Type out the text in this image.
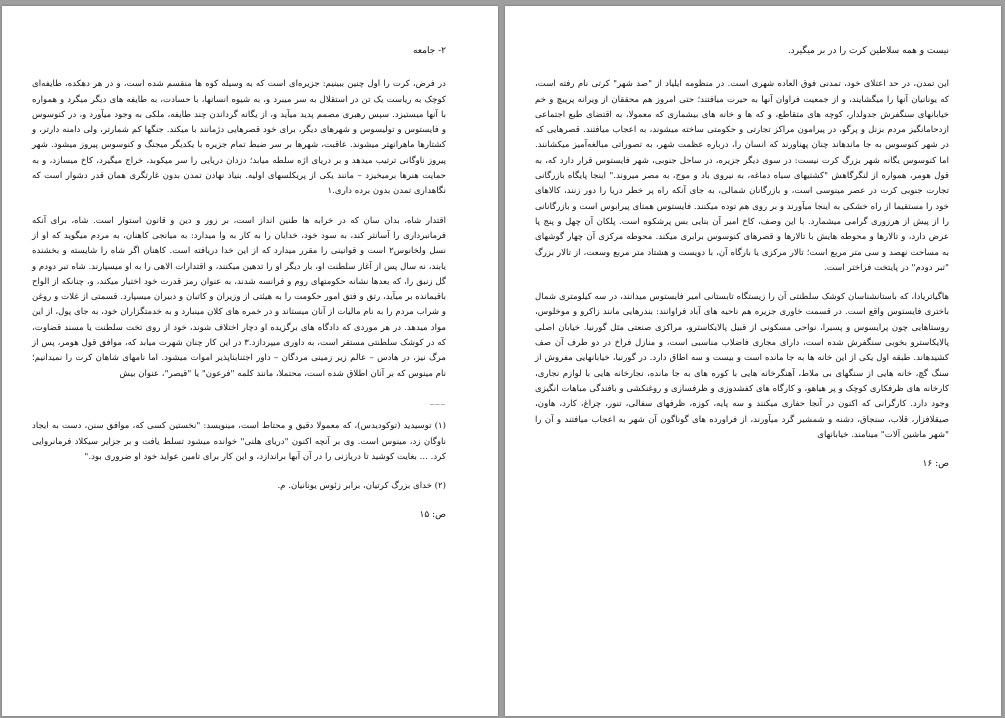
۲- جامعه

در فرض، کرت را اول چنین ببینیم: جزیره‌ای است که به وسیله کوه ها منقسم شده است، و در هر دهکده، طایفه‌ای کوچک به ریاست یک تن در استقلال به سر میبرد و، به شیوه انسانها، با حسادت، به طایفه های دیگر میگرد و همواره با آنها میستیزد. سپس رهبری مصمم پدید میآید و، از یگانه گرداندن چند طایفه، ملکی به وجود میآورد و، در کنوسوس و فایستوس و تولیسوس و شهرهای دیگر، برای خود قصرهایی دژمانند با میکند. جنگها کم شمارتر، ولی دامنه دارتر، و کشتارها ماهرانهتر میشوند. عاقبت، شهرها بر سر ضبط تمام جزیره با یکدیگر میجنگ و کنوسوس پیروز میشود. شهر پیروز ناوگانی ترتیب میدهد و بر دریای اژه سلطه میابد؛ دزدان دریایی را سر میکوبد، خراج میگیرد، کاخ میسازد، و به حمایت هنرها برمیخیزد – مانند یکی از پریکلسهای اولیه. بنیاد نهادن تمدن بدون غارتگری همان قدر دشوار است که نگاهداری تمدن بدون برده داری.۱

اقتدار شاه، بدان سان که در خرابه ها طنین انداز است، بر زور و دین و قانون استوار است. شاه، برای آنکه فرمانبرداری را آسانتر کند، به سود خود، خدایان را به کار به وا میدارد: به میانجی کاهنان، به مردم میگوید که او از نسل ولخانوس۲ است و قوانینی را مقرر میدارد که از این خدا دریافته است. کاهنان اگر شاه را شایسته و بخشنده یابند، نه سال پس از آغاز سلطنت او، بار دیگر او را تدهین میکنند، و اقتدارات الاهی را به او میسپارند. شاه تبر دودم و گل زنبق را، که بعدها نشانه حکومتهای روم و فرانسه شدند، به عنوان رمز قدرت خود اختیار میکند، و، چنانکه از الواح باقیمانده بر میآید، رتق و فتق امور حکومت را به هیئتی از وزیران و کاتبان و دبیران میسپارد. قسمتی از غلات و روغن و شراب مردم را به نام مالیات از آنان میستاند و در خمره های کلان مینبارد و به خدمتگزاران خود، به جای پول، از این مواد میدهد. در هر موردی که دادگاه های برگزیده او دچار اختلاف شوند، خود از روی تخت سلطنت یا مسند قضاوت، که در کوشک سلطنتی مستقر است، به داوری میپردازد.۳ در این کار چنان شهرت میابد که، موافق قول هومر، پس از مرگ نیز، در هادس – عالم زیر زمینی مردگان – داور اجتنابناپذیر اموات میشود. اما نامهای شاهان کرت را نمیدانیم؛ نام مینوس که بر آنان اطلاق شده است، محتملا، مانند کلمه "فرعون" یا "قیصر"، عنوان بیش

___

(۱) توسیدید (توکودیدس)، که معمولا دقیق و محتاط است، مینویسد: "نخستین کسی که، موافق سنن، دست به ایجاد ناوگان زد، مینوس است. وی بر آنچه اکنون "دریای هلنی" خوانده میشود تسلط یافت و بر جزایر سیکلاد فرمانروایی کرد. ... بغایت کوشید تا دریازنی را در آن آبها براندازد، و این کار برای تامین عواید خود او ضروری بود."

(۲) خدای بزرگ کرتیان، برابر زئوس یونانیان. م.

ص: ۱۵
نیست و همه سلاطین کرت را در بر میگیرد.

این تمدن، در حد اعتلای خود، تمدنی فوق العاده شهری است. در منظومه ایلیاد از "صد شهر" کرتی نام رفته است، که یونانیان آنها را میگشایند، و از جمعیت فراوان آنها به حیرت میافتند؛ حتی امروز هم محققان از ویرانه پرپیچ و خم خیابانهای سنگفرش جدولدار، کوچه های متقاطع، و که ها و خانه های بیشماری که معمولا، به اقتضای طبع اجتماعی ازدحامانگیز مردم بزنل و پرگو، در پیرامون مراکز تجارتی و حکومتی ساخته میشوند، به اعجاب میافتند. قصرهایی که در شهر کنوسوس به جا ماندهاند چنان پهناورند که انسان را، درباره عظمت شهر، به تصوراتی مبالغه‌آمیز میکشانند. اما کنوسوس یگانه شهر بزرگ کرت نیست: در سوی دیگر جزیره، در ساحل جنوبی، شهر فایستوس قرار دارد که، به قول هومر، همواره از لنگرگاهش "کشتیهای سیاه دماغه، به نیروی باد و موج، به مصر میروند." اینجا پایگاه بازرگانی تجارت جنوبی کرت در عصر مینوسی است، و بازرگانان شمالی، به جای آنکه راه پر خطر دریا را دور زنند، کالاهای خود را مستقیما از راه خشکی به اینجا میآورند و بر روی هم توده میکنند. فایستوس همتای پیرابوس است و بازرگانانی را از پیش از هرزوری گرامی میشمارد. با این وصف، کاخ امیر آن بنایی بس پرشکوه است. پلکان آن چهل و پنج پا عرض دارد، و تالارها و محوطه هایش با تالارها و قصرهای کنوسوس برابری میکند. محوطه مرکزی آن چهار گوشهای به مساحت نهصد و سی متر مربع است؛ تالار مرکزی یا بارگاه آن، با دویست و هشتاد متر مربع وسعت، از تالار بزرگ "تبر دودم" در پایتخت فراختر است.

هاگیاتریادا، که باستانشناسان کوشک سلطنتی آن را زیستگاه تابستانی امیر فایستوس میدانند، در سه کیلومتری شمال باختری فایستوس واقع است. در قسمت خاوری جزیره هم ناحیه های آباد فراوانند: بندرهایی مانند زاکرو و موخلوس، روستاهایی چون پرایسوس و پسیرا، نواحی مسکونی از قبیل پالایکاسترو، مراکزی صنعتی مثل گورنیا. خیابان اصلی پالایکاسترو بخوبی سنگفرش شده است، دارای مجاری فاضلاب مناسبی است، و منازل فراخ در دو طرف آن صف کشیدهاند. طبقه اول یکی از این خانه ها به جا مانده است و بیست و سه اطاق دارد. در گورنیا، خیابانهایی مفروش از سنگ گچ، خانه هایی از سنگهای بی ملاط، آهنگرخانه هایی با کوره های به جا مانده، نجارخانه هایی با لوازم نجاری، کارخانه های ظرفکاری کوچک و پر هیاهو، و کارگاه های کفشدوزی و ظرفسازی و روغنکشی و بافندگی مباهات انگیزی وجود دارد. کارگرانی که اکنون در آنجا حفاری میکنند و سه پایه، کوزه، ظرفهای سفالی، تنور، چراغ، کارد، هاون، صیقلافزار، قلاب، سنجاق، دشنه و شمشیر گرد میآورند، از فراورده های گوناگون آن شهر به اعجاب میافتند و آن را "شهر ماشین آلات" مینامند. خیابانهای

ص: ۱۶
